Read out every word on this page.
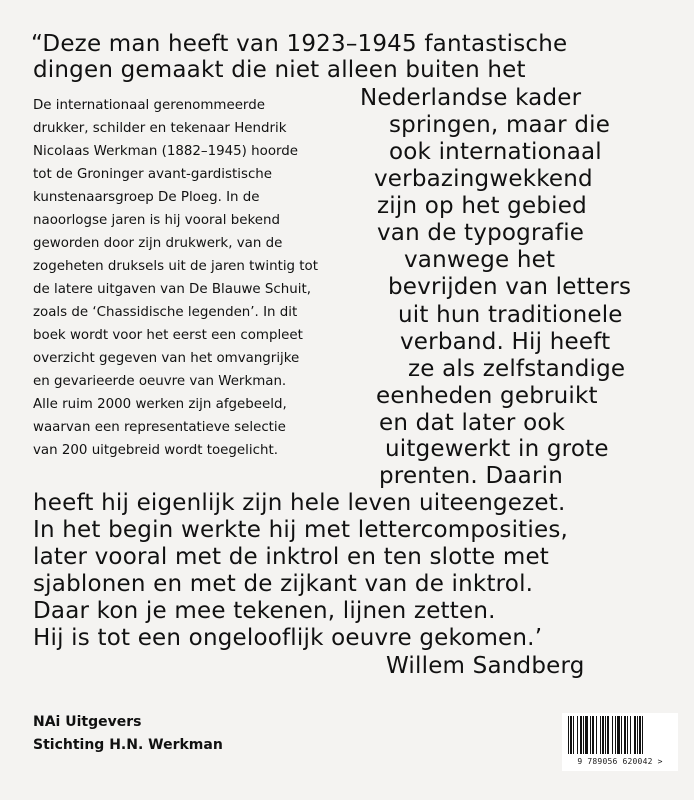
“Deze man heeft van 1923–1945 fantastische
dingen gemaakt die niet alleen buiten het
Nederlandse kader
springen, maar die
ook internationaal
verbazingwekkend
zijn op het gebied
van de typografie
vanwege het
bevrijden van letters
uit hun traditionele
verband. Hij heeft
ze als zelfstandige
eenheden gebruikt
en dat later ook
uitgewerkt in grote
prenten. Daarin
heeft hij eigenlijk zijn hele leven uiteengezet.
In het begin werkte hij met lettercomposities,
later vooral met de inktrol en ten slotte met
sjablonen en met de zijkant van de inktrol.
Daar kon je mee tekenen, lijnen zetten.
Hij is tot een ongelooflijk oeuvre gekomen.’
Willem Sandberg
De internationaal gerenommeerde
drukker, schilder en tekenaar Hendrik
Nicolaas Werkman (1882–1945) hoorde
tot de Groninger avant-gardistische
kunstenaarsgroep De Ploeg. In de
naoorlogse jaren is hij vooral bekend
geworden door zijn drukwerk, van de
zogeheten druksels uit de jaren twintig tot
de latere uitgaven van De Blauwe Schuit,
zoals de ‘Chassidische legenden’. In dit
boek wordt voor het eerst een compleet
overzicht gegeven van het omvangrijke
en gevarieerde oeuvre van Werkman.
Alle ruim 2000 werken zijn afgebeeld,
waarvan een representatieve selectie
van 200 uitgebreid wordt toegelicht.
NAi Uitgevers
Stichting H.N. Werkman
9 789056 620042 >
